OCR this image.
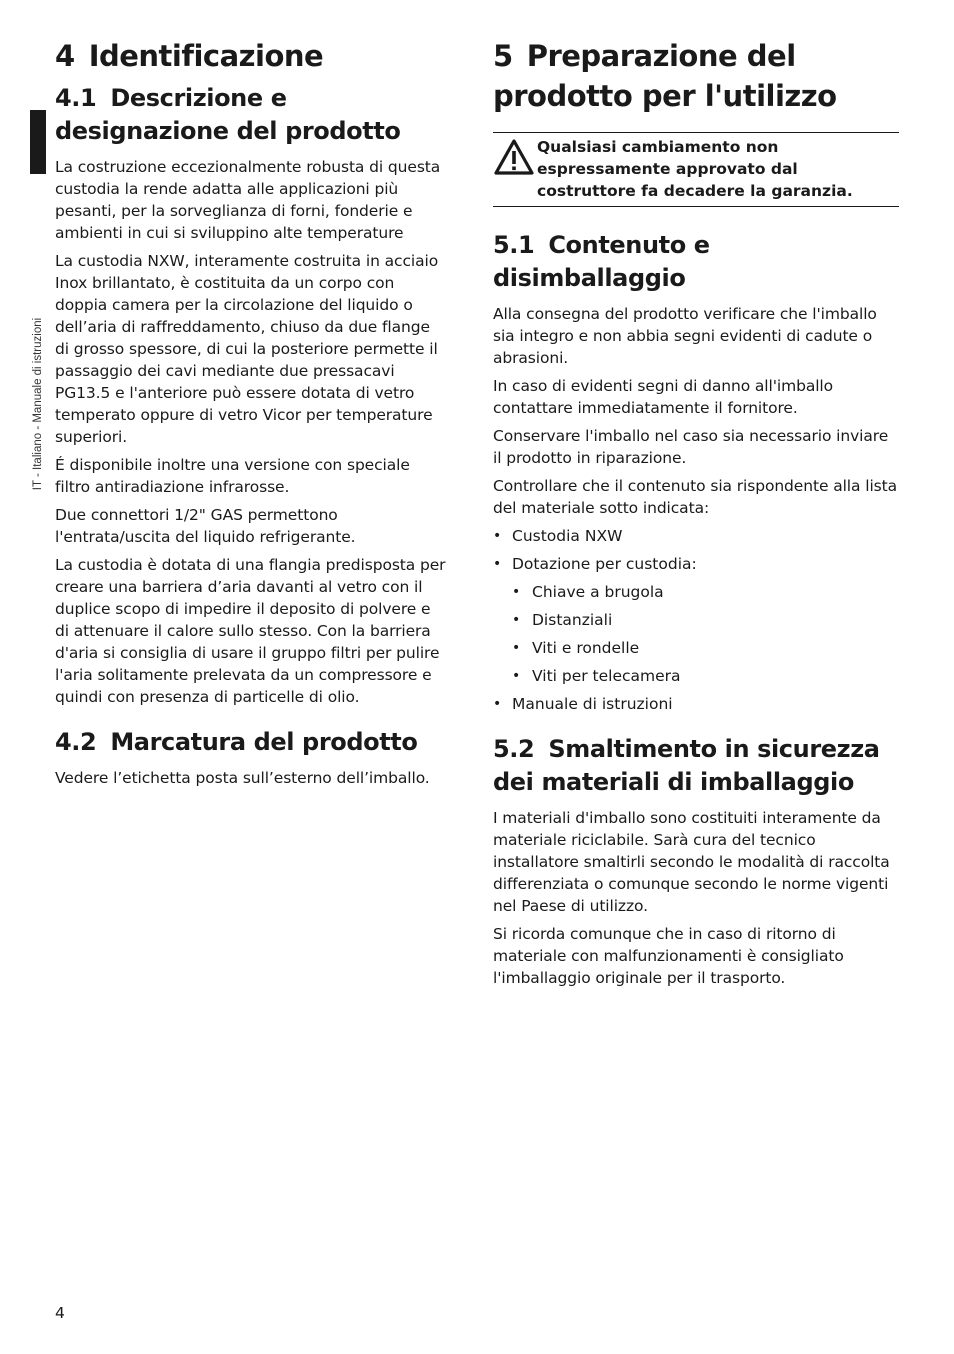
IT - Italiano - Manuale di istruzioni
4 Identificazione
4.1 Descrizione e designazione del prodotto

La costruzione eccezionalmente robusta di questa custodia la rende adatta alle applicazioni più pesanti, per la sorveglianza di forni, fonderie e ambienti in cui si sviluppino alte temperature

La custodia NXW, interamente costruita in acciaio Inox brillantato, è costituita da un corpo con doppia camera per la circolazione del liquido o dell’aria di raffreddamento, chiuso da due flange di grosso spessore, di cui la posteriore permette il passaggio dei cavi mediante due pressacavi PG13.5 e l'anteriore può essere dotata di vetro temperato oppure di vetro Vicor per temperature superiori.

É disponibile inoltre una versione con speciale filtro antiradiazione infrarosse.

Due connettori 1/2" GAS permettono l'entrata/uscita del liquido refrigerante.

La custodia è dotata di una flangia predisposta per creare una barriera d’aria davanti al vetro con il duplice scopo di impedire il deposito di polvere e di attenuare il calore sullo stesso. Con la barriera d'aria si consiglia di usare il gruppo filtri per pulire l'aria solitamente prelevata da un compressore e quindi con presenza di particelle di olio.

4.2 Marcatura del prodotto

Vedere l’etichetta posta sull’esterno dell’imballo.

5 Preparazione del prodotto per l'utilizzo
Qualsiasi cambiamento non espressamente approvato dal costruttore fa decadere la garanzia.
5.1 Contenuto e disimballaggio

Alla consegna del prodotto verificare che l'imballo sia integro e non abbia segni evidenti di cadute o abrasioni.

In caso di evidenti segni di danno all'imballo contattare immediatamente il fornitore.

Conservare l'imballo nel caso sia necessario inviare il prodotto in riparazione.

Controllare che il contenuto sia rispondente alla lista del materiale sotto indicata:

• Custodia NXW
• Dotazione per custodia:
• Chiave a brugola
• Distanziali
• Viti e rondelle
• Viti per telecamera
• Manuale di istruzioni
5.2 Smaltimento in sicurezza dei materiali di imballaggio

I materiali d'imballo sono costituiti interamente da materiale riciclabile. Sarà cura del tecnico installatore smaltirli secondo le modalità di raccolta differenziata o comunque secondo le norme vigenti nel Paese di utilizzo.

Si ricorda comunque che in caso di ritorno di materiale con malfunzionamenti è consigliato l'imballaggio originale per il trasporto.

4
